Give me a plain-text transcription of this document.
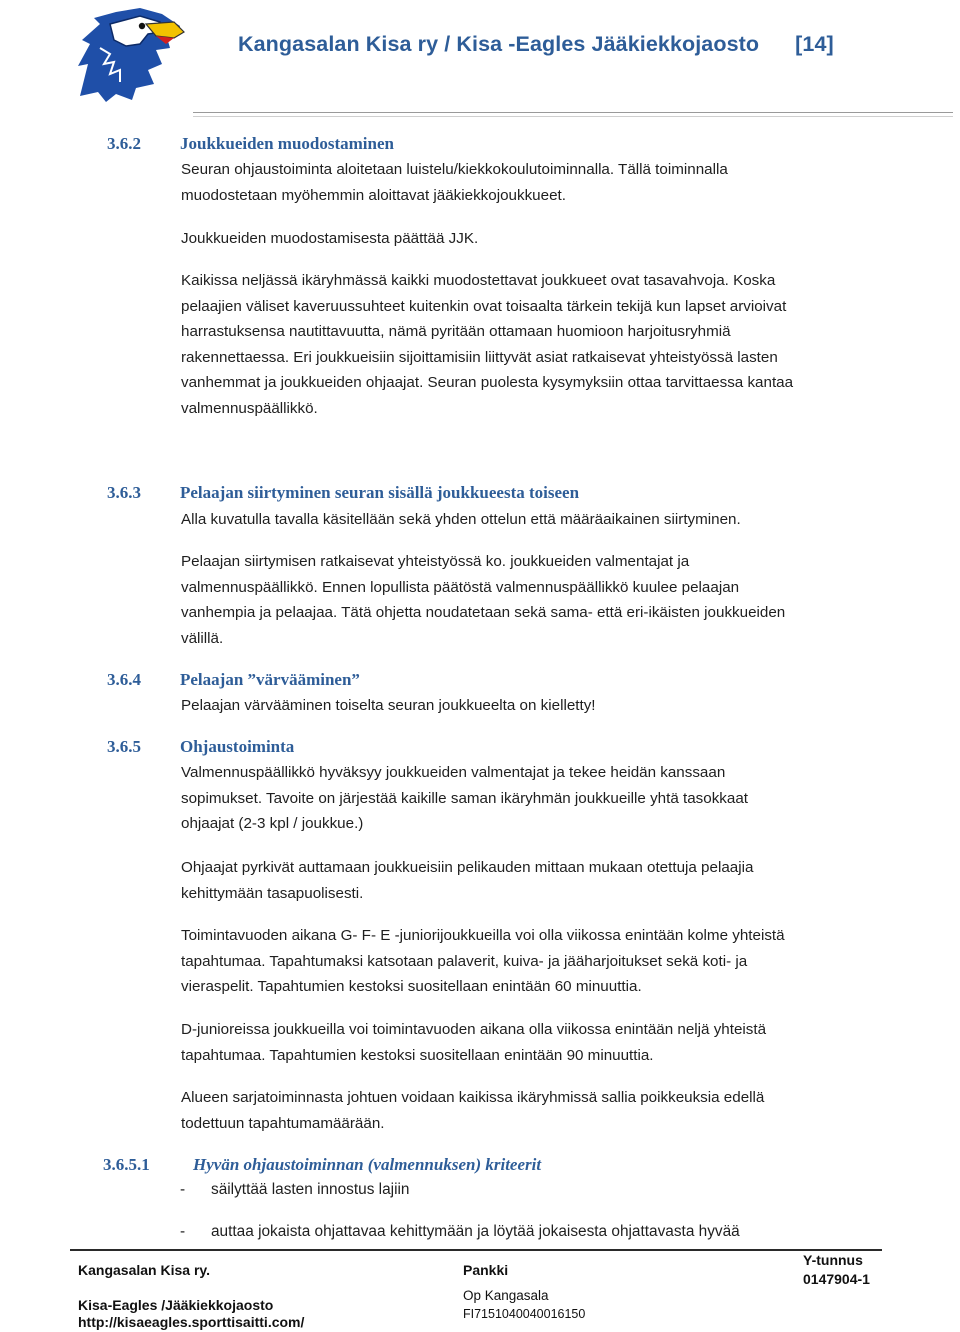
Kangasalan Kisa ry / Kisa -Eagles Jääkiekkojaosto [14]
3.6.2 Joukkueiden muodostaminen
Seuran ohjaustoiminta aloitetaan luistelu/kiekkokoulutoiminnalla. Tällä toiminnalla
muodostetaan myöhemmin aloittavat jääkiekkojoukkueet.
Joukkueiden muodostamisesta päättää JJK.
Kaikissa neljässä ikäryhmässä kaikki muodostettavat joukkueet ovat tasavahvoja. Koska
pelaajien väliset kaveruussuhteet kuitenkin ovat toisaalta tärkein tekijä kun lapset arvioivat
harrastuksensa nautittavuutta, nämä pyritään ottamaan huomioon harjoitusryhmiä
rakennettaessa. Eri joukkueisiin sijoittamisiin liittyvät asiat ratkaisevat yhteistyössä lasten
vanhemmat ja joukkueiden ohjaajat. Seuran puolesta kysymyksiin ottaa tarvittaessa kantaa
valmennuspäällikkö.
3.6.3 Pelaajan siirtyminen seuran sisällä joukkueesta toiseen
Alla kuvatulla tavalla käsitellään sekä yhden ottelun että määräaikainen siirtyminen.
Pelaajan siirtymisen ratkaisevat yhteistyössä ko. joukkueiden valmentajat ja
valmennuspäällikkö. Ennen lopullista päätöstä valmennuspäällikkö kuulee pelaajan
vanhempia ja pelaajaa. Tätä ohjetta noudatetaan sekä sama- että eri-ikäisten joukkueiden
välillä.
3.6.4 Pelaajan ”värvääminen”
Pelaajan värvääminen toiselta seuran joukkueelta on kielletty!
3.6.5 Ohjaustoiminta
Valmennuspäällikkö hyväksyy joukkueiden valmentajat ja tekee heidän kanssaan
sopimukset. Tavoite on järjestää kaikille saman ikäryhmän joukkueille yhtä tasokkaat
ohjaajat (2-3 kpl / joukkue.)
Ohjaajat pyrkivät auttamaan joukkueisiin pelikauden mittaan mukaan otettuja pelaajia
kehittymään tasapuolisesti.
Toimintavuoden aikana G- F- E -juniorijoukkueilla voi olla viikossa enintään kolme yhteistä
tapahtumaa. Tapahtumaksi katsotaan palaverit, kuiva- ja jääharjoitukset sekä koti- ja
vieraspelit. Tapahtumien kestoksi suositellaan enintään 60 minuuttia.
D-junioreissa joukkueilla voi toimintavuoden aikana olla viikossa enintään neljä yhteistä
tapahtumaa. Tapahtumien kestoksi suositellaan enintään 90 minuuttia.
Alueen sarjatoiminnasta johtuen voidaan kaikissa ikäryhmissä sallia poikkeuksia edellä
todettuun tapahtumamäärään.
3.6.5.1	Hyvän ohjaustoiminnan (valmennuksen) kriteerit
- säilyttää lasten innostus lajiin
- auttaa jokaista ohjattavaa kehittymään ja löytää jokaisesta ohjattavasta hyvää
Kangasalan Kisa ry.
Kisa-Eagles /Jääkiekkojaosto
http://kisaeagles.sporttisaitti.com/
Pankki
Op Kangasala
FI7151040040016150
Y-tunnus
0147904-1
